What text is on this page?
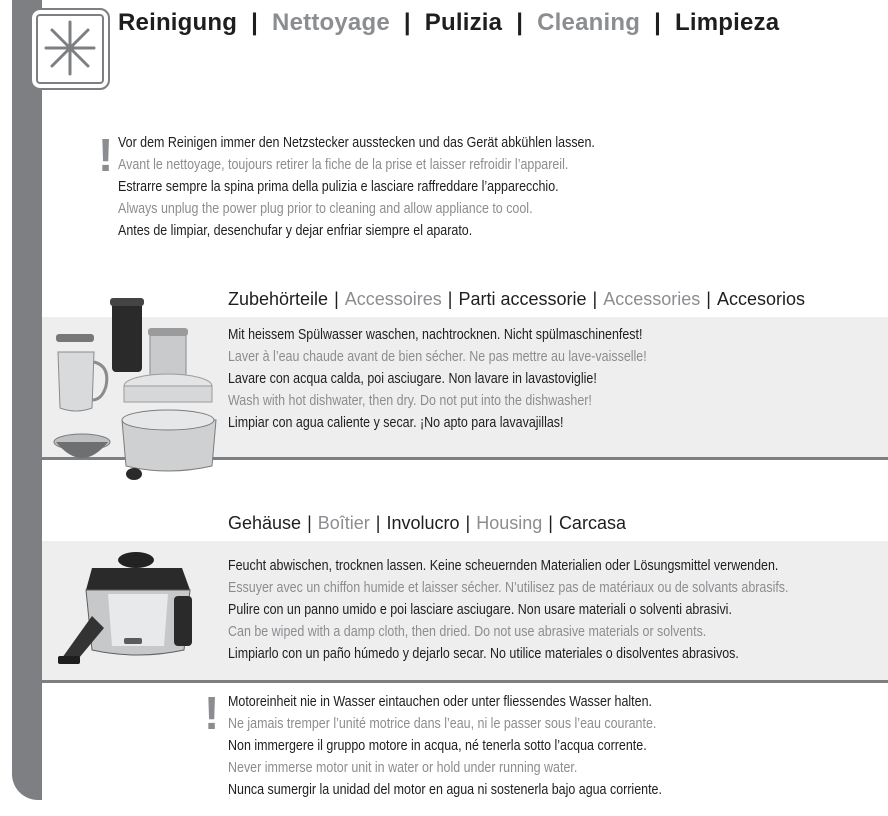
Reinigung | Nettoyage | Pulizia | Cleaning | Limpieza
! Vor dem Reinigen immer den Netzstecker ausstecken und das Gerät abkühlen lassen.
Avant le nettoyage, toujours retirer la fiche de la prise et laisser refroidir l’appareil.
Estrarre sempre la spina prima della pulizia e lasciare raffreddare l’apparecchio.
Always unplug the power plug prior to cleaning and allow appliance to cool.
Antes de limpiar, desenchufar y dejar enfriar siempre el aparato.
Zubehörteile | Accessoires | Parti accessorie | Accessories | Accesorios
Mit heissem Spülwasser waschen, nachtrocknen. Nicht spülmaschinenfest!
Laver à l’eau chaude avant de bien sécher. Ne pas mettre au lave-vaisselle!
Lavare con acqua calda, poi asciugare. Non lavare in lavastoviglie!
Wash with hot dishwater, then dry. Do not put into the dishwasher!
Limpiar con agua caliente y secar. ¡No apto para lavavajillas!
Gehäuse | Boîtier | Involucro | Housing | Carcasa
Feucht abwischen, trocknen lassen. Keine scheuernden Materialien oder Lösungsmittel verwenden.
Essuyer avec un chiffon humide et laisser sécher. N’utilisez pas de matériaux ou de solvants abrasifs.
Pulire con un panno umido e poi lasciare asciugare. Non usare materiali o solventi abrasivi.
Can be wiped with a damp cloth, then dried. Do not use abrasive materials or solvents.
Limpiarlo con un paño húmedo y dejarlo secar. No utilice materiales o disolventes abrasivos.
! Motoreinheit nie in Wasser eintauchen oder unter fliessendes Wasser halten.
Ne jamais tremper l’unité motrice dans l’eau, ni le passer sous l’eau courante.
Non immergere il gruppo motore in acqua, né tenerla sotto l’acqua corrente.
Never immerse motor unit in water or hold under running water.
Nunca sumergir la unidad del motor en agua ni sostenerla bajo agua corriente.
